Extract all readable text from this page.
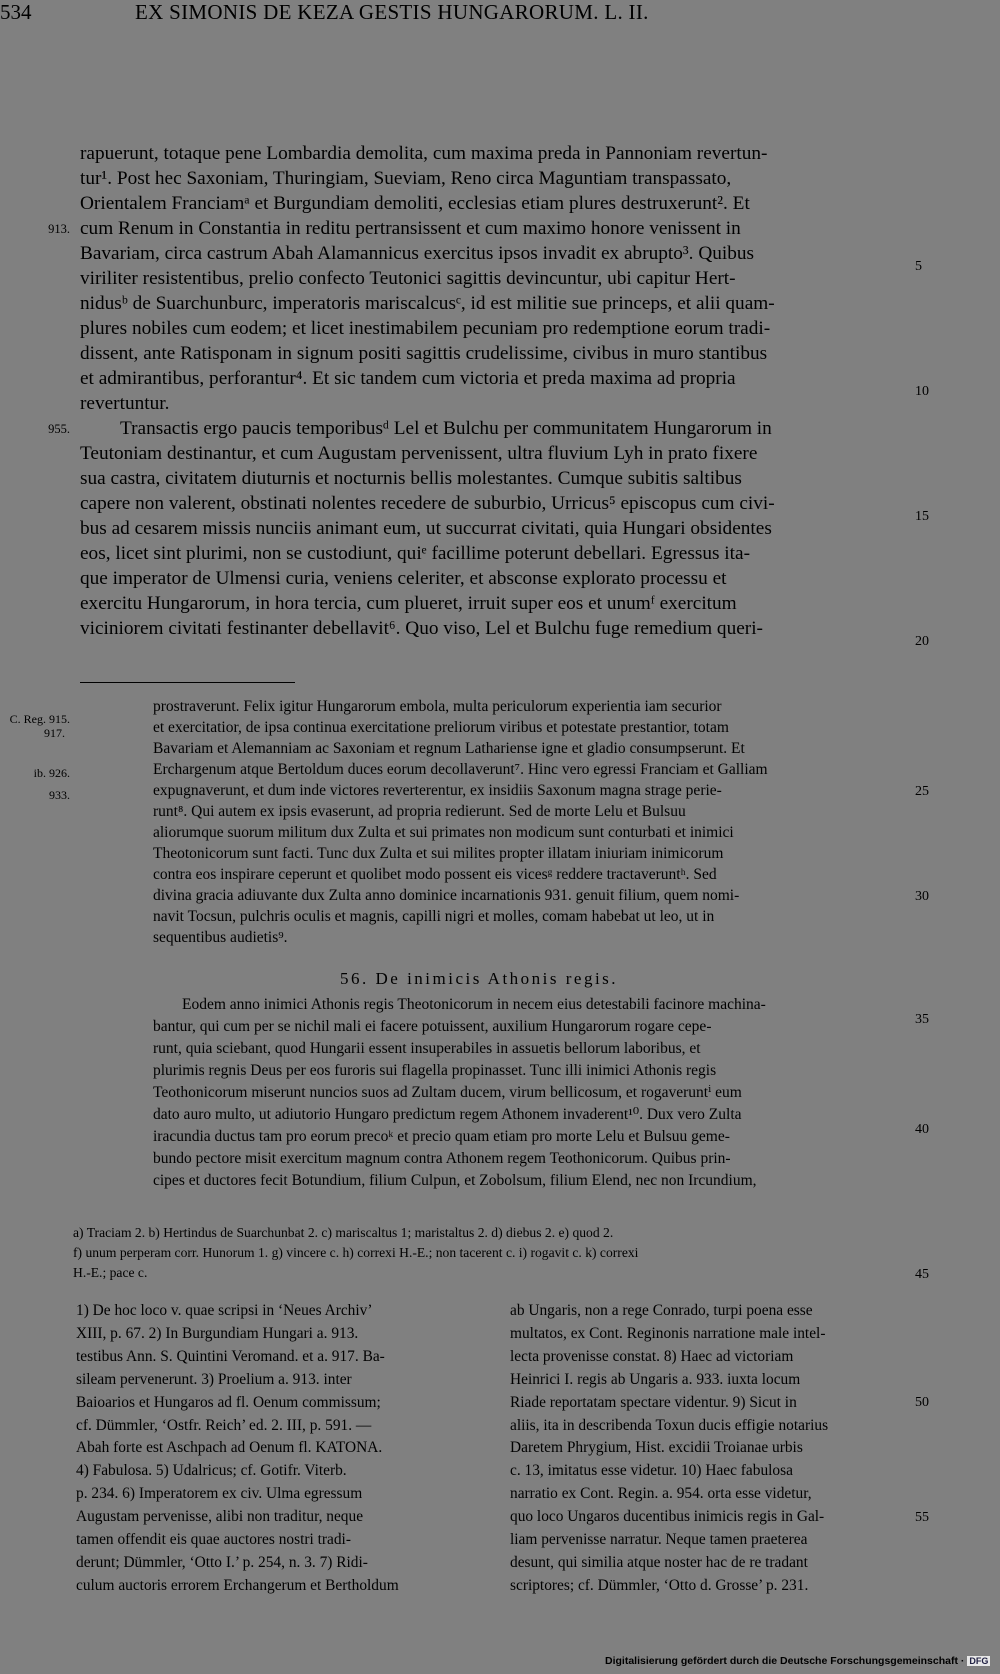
534	EX SIMONIS DE KEZA GESTIS HUNGARORUM. L. II.
rapuerunt, totaque pene Lombardia demolita, cum maxima preda in Pannoniam revertun-
tur¹. Post hec Saxoniam, Thuringiam, Sueviam, Reno circa Maguntiam transpassato,
Orientalem Franciamᵃ et Burgundiam demoliti, ecclesias etiam plures destruxerunt². Et
cum Renum in Constantia in reditu pertransissent et cum maximo honore venissent in
Bavariam, circa castrum Abah Alamannicus exercitus ipsos invadit ex abrupto³. Quibus
viriliter resistentibus, prelio confecto Teutonici sagittis devincuntur, ubi capitur Hert-
nidusᵇ de Suarchunburc, imperatoris mariscalcusᶜ, id est militie sue princeps, et alii quam-
plures nobiles cum eodem; et licet inestimabilem pecuniam pro redemptione eorum tradi-
dissent, ante Ratisponam in signum positi sagittis crudelissime, civibus in muro stantibus
et admirantibus, perforantur⁴. Et sic tandem cum victoria et preda maxima ad propria
revertuntur.
Transactis ergo paucis temporibusᵈ Lel et Bulchu per communitatem Hungarorum in
Teutoniam destinantur, et cum Augustam pervenissent, ultra fluvium Lyh in prato fixere
sua castra, civitatem diuturnis et nocturnis bellis molestantes. Cumque subitis saltibus
capere non valerent, obstinati nolentes recedere de suburbio, Urricus⁵ episcopus cum civi-
bus ad cesarem missis nunciis animant eum, ut succurrat civitati, quia Hungari obsidentes
eos, licet sint plurimi, non se custodiunt, quiᵉ facillime poterunt debellari. Egressus ita-
que imperator de Ulmensi curia, veniens celeriter, et absconse explorato processu et
exercitu Hungarorum, in hora tercia, cum plueret, irruit super eos et unumᶠ exercitum
viciniorem civitati festinanter debellavit⁶. Quo viso, Lel et Bulchu fuge remedium queri-
913.
955.
prostraverunt. Felix igitur Hungarorum embola, multa periculorum experientia iam securior
et exercitatior, de ipsa continua exercitatione preliorum viribus et potestate prestantior, totam
Bavariam et Alemanniam ac Saxoniam et regnum Lathariense igne et gladio consumpserunt. Et
Erchargenum atque Bertoldum duces eorum decollaverunt⁷. Hinc vero egressi Franciam et Galliam
expugnaverunt, et dum inde victores reverterentur, ex insidiis Saxonum magna strage perie-
runt⁸. Qui autem ex ipsis evaserunt, ad propria redierunt. Sed de morte Lelu et Bulsuu
aliorumque suorum militum dux Zulta et sui primates non modicum sunt conturbati et inimici
Theotonicorum sunt facti. Tunc dux Zulta et sui milites propter illatam iniuriam inimicorum
contra eos inspirare ceperunt et quolibet modo possent eis vicesᵍ reddere tractaveruntʰ. Sed
divina gracia adiuvante dux Zulta anno dominice incarnationis 931. genuit filium, quem nomi-
navit Tocsun, pulchris oculis et magnis, capilli nigri et molles, comam habebat ut leo, ut in
sequentibus audietis⁹.
C. Reg. 915.
917.
ib. 926.
933.
56. De inimicis Athonis regis.
Eodem anno inimici Athonis regis Theotonicorum in necem eius detestabili facinore machina-
bantur, qui cum per se nichil mali ei facere potuissent, auxilium Hungarorum rogare cepe-
runt, quia sciebant, quod Hungarii essent insuperabiles in assuetis bellorum laboribus, et
plurimis regnis Deus per eos furoris sui flagella propinasset. Tunc illi inimici Athonis regis
Teothonicorum miserunt nuncios suos ad Zultam ducem, virum bellicosum, et rogaveruntⁱ eum
dato auro multo, ut adiutorio Hungaro predictum regem Athonem invaderent¹⁰. Dux vero Zulta
iracundia ductus tam pro eorum precoᵏ et precio quam etiam pro morte Lelu et Bulsuu geme-
bundo pectore misit exercitum magnum contra Athonem regem Teothonicorum. Quibus prin-
cipes et ductores fecit Botundium, filium Culpun, et Zobolsum, filium Elend, nec non Ircundium,
a) Traciam 2. b) Hertindus de Suarchunbat 2. c) mariscaltus 1; maristaltus 2. d) diebus 2. e) quod 2.
f) unum perperam corr. Hunorum 1. g) vincere c. h) correxi H.-E.; non tacerent c. i) rogavit c. k) correxi
H.-E.; pace c.
1) De hoc loco v. quae scripsi in ‘Neues Archiv’
XIII, p. 67. 2) In Burgundiam Hungari a. 913.
testibus Ann. S. Quintini Veromand. et a. 917. Ba-
sileam pervenerunt. 3) Proelium a. 913. inter
Baioarios et Hungaros ad fl. Oenum commissum;
cf. Dümmler, ‘Ostfr. Reich’ ed. 2. III, p. 591. —
Abah forte est Aschpach ad Oenum fl. KATONA.
4) Fabulosa. 5) Udalricus; cf. Gotifr. Viterb.
p. 234. 6) Imperatorem ex civ. Ulma egressum
Augustam pervenisse, alibi non traditur, neque
tamen offendit eis quae auctores nostri tradi-
derunt; Dümmler, ‘Otto I.’ p. 254, n. 3. 7) Ridi-
culum auctoris errorem Erchangerum et Bertholdum
ab Ungaris, non a rege Conrado, turpi poena esse
multatos, ex Cont. Reginonis narratione male intel-
lecta provenisse constat. 8) Haec ad victoriam
Heinrici I. regis ab Ungaris a. 933. iuxta locum
Riade reportatam spectare videntur. 9) Sicut in
aliis, ita in describenda Toxun ducis effigie notarius
Daretem Phrygium, Hist. excidii Troianae urbis
c. 13, imitatus esse videtur. 10) Haec fabulosa
narratio ex Cont. Regin. a. 954. orta esse videtur,
quo loco Ungaros ducentibus inimicis regis in Gal-
liam pervenisse narratur. Neque tamen praeterea
desunt, qui similia atque noster hac de re tradant
scriptores; cf. Dümmler, ‘Otto d. Grosse’ p. 231.
5
10
15
20
25
30
35
40
45
50
55
Digitalisierung gefördert durch die Deutsche Forschungsgemeinschaft · DFG
